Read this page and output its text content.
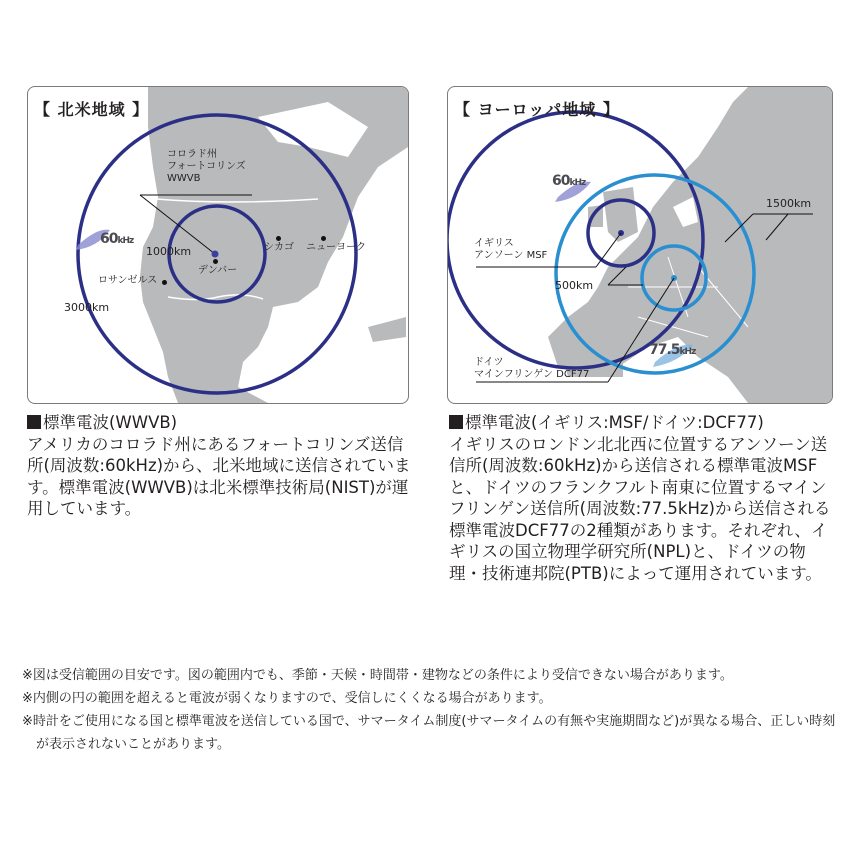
【 北米地域 】
コロラド州
フォートコリンズ
WWVB
60kHz
1000km
3000km
デンバー
シカゴ ニューヨーク
ロサンゼルス
【 ヨーロッパ地域 】
60kHz
77.5kHz
イギリス
アンソーン MSF
ドイツ
マインフリンゲン DCF77
500km
1500km
標準電波(WWVB)
アメリカのコロラド州にあるフォートコリンズ送信所(周波数:60kHz)から、北米地域に送信されています。標準電波(WWVB)は北米標準技術局(NIST)が運用しています。
標準電波(イギリス:MSF/ドイツ:DCF77)
イギリスのロンドン北北西に位置するアンソーン送信所(周波数:60kHz)から送信される標準電波MSFと、ドイツのフランクフルト南東に位置するマインフリンゲン送信所(周波数:77.5kHz)から送信される標準電波DCF77の2種類があります。それぞれ、イギリスの国立物理学研究所(NPL)と、ドイツの物理・技術連邦院(PTB)によって運用されています。
※図は受信範囲の目安です。図の範囲内でも、季節・天候・時間帯・建物などの条件により受信できない場合があります。
※内側の円の範囲を超えると電波が弱くなりますので、受信しにくくなる場合があります。
※時計をご使用になる国と標準電波を送信している国で、サマータイム制度(サマータイムの有無や実施期間など)が異なる場合、正しい時刻が表示されないことがあります。
